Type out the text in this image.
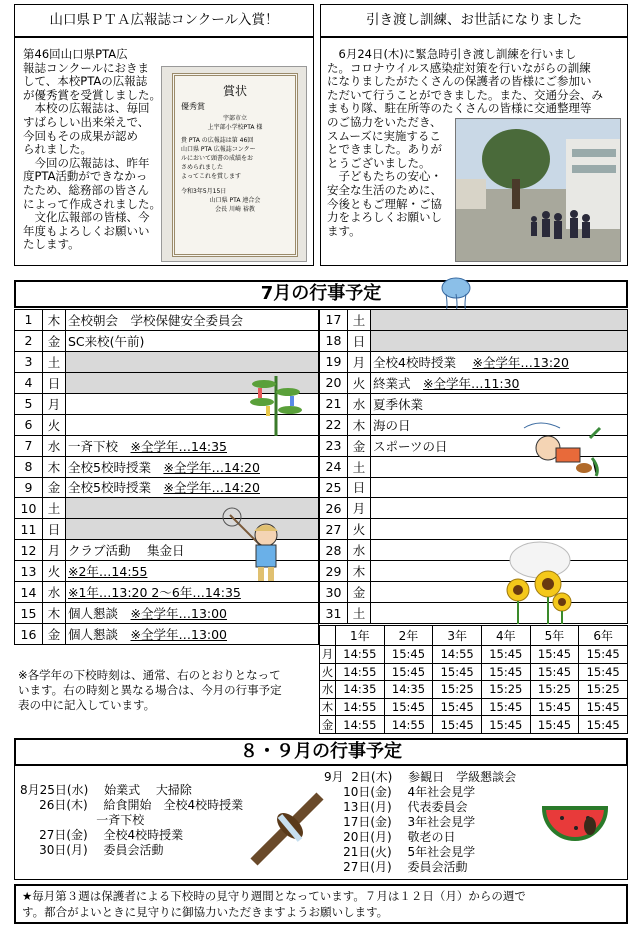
山口県ＰＴＡ広報誌コンクール入賞！	引き渡し訓練、お世話になりました
第46回山口県PTA広
報誌コンクールにおきま
して、本校PTAの広報誌
が優秀賞を受賞しました。
　本校の広報誌は、毎回
すばらしい出来栄えで、
今回もその成果が認め
られました。
　今回の広報誌は、昨年
度PTA活動ができなかっ
たため、総務部の皆さん
によって作成されました。
　文化広報部の皆様、今
年度もよろしくお願いい
たします。
賞状
優秀賞
宇部市立
上宇部小学校PTA 様
貴 PTA の広報誌は第 46回
山口県 PTA 広報誌コンクー
ルにおいて頭書の成績をお
さめられました
よってこれを賞します
令和3年5月15日
山口県 PTA 連合会
会長 川崎 裕教
　6月24日(木)に緊急時引き渡し訓練を行いまし
た。コロナウイルス感染症対策を行いながらの訓練
になりましたがたくさんの保護者の皆様にご参加い
ただいて行うことができました。また、交通分会、み
まもり隊、駐在所等のたくさんの皆様に交通整理等
のご協力をいただき、
スムーズに実施するこ
とできました。ありが
とうございました。
　子どもたちの安心・
安全な生活のために、
今後ともご理解・ご協
力をよろしくお願いし
ます。
7月の行事予定
1	木	全校朝会　学校保健安全委員会
2	金	SC来校(午前)
3	土	
4	日	
5	月	
6	火	
7	水	一斉下校　※全学年…14:35
8	木	全校5校時授業　※全学年…14:20
9	金	全校5校時授業　※全学年…14:20
10	土	
11	日	
12	月	クラブ活動　 集金日
13	火	※2年…14:55
14	水	※1年…13:20 2～6年…14:35
15	木	個人懇談　※全学年…13:00
16	金	個人懇談　※全学年…13:00
17	土	
18	日	
19	月	全校4校時授業　 ※全学年…13:20
20	火	終業式　※全学年…11:30
21	水	夏季休業
22	木	海の日
23	金	スポーツの日
24	土	
25	日	
26	月	
27	火	
28	水	
29	木	
30	金	
31	土	
	1年	2年	3年	4年	5年	6年
月	14:55	15:45	14:55	15:45	15:45	15:45
火	14:55	15:45	15:45	15:45	15:45	15:45
水	14:35	14:35	15:25	15:25	15:25	15:25
木	14:55	15:45	15:45	15:45	15:45	15:45
金	14:55	14:55	15:45	15:45	15:45	15:45
※各学年の下校時刻は、通常、右のとおりとなって
います。右の時刻と異なる場合は、今月の行事予定
表の中に記入しています。
８・９月の行事予定
8月25日(水)　 始業式　 大掃除
26日(木)　 給食開始　全校4校時授業
一斉下校
27日(金)　 全校4校時授業
30日(月)　 委員会活動
9月  2日(木)　 参観日　学級懇談会
10日(金)　 4年社会見学
13日(月)　 代表委員会
17日(金)　 3年社会見学
20日(月)　 敬老の日
21日(火)　 5年社会見学
27日(月)　 委員会活動
★毎月第３週は保護者による下校時の見守り週間となっています。７月は１２日（月）からの週で
す。都合がよいときに見守りに御協力いただきますようお願いします。
